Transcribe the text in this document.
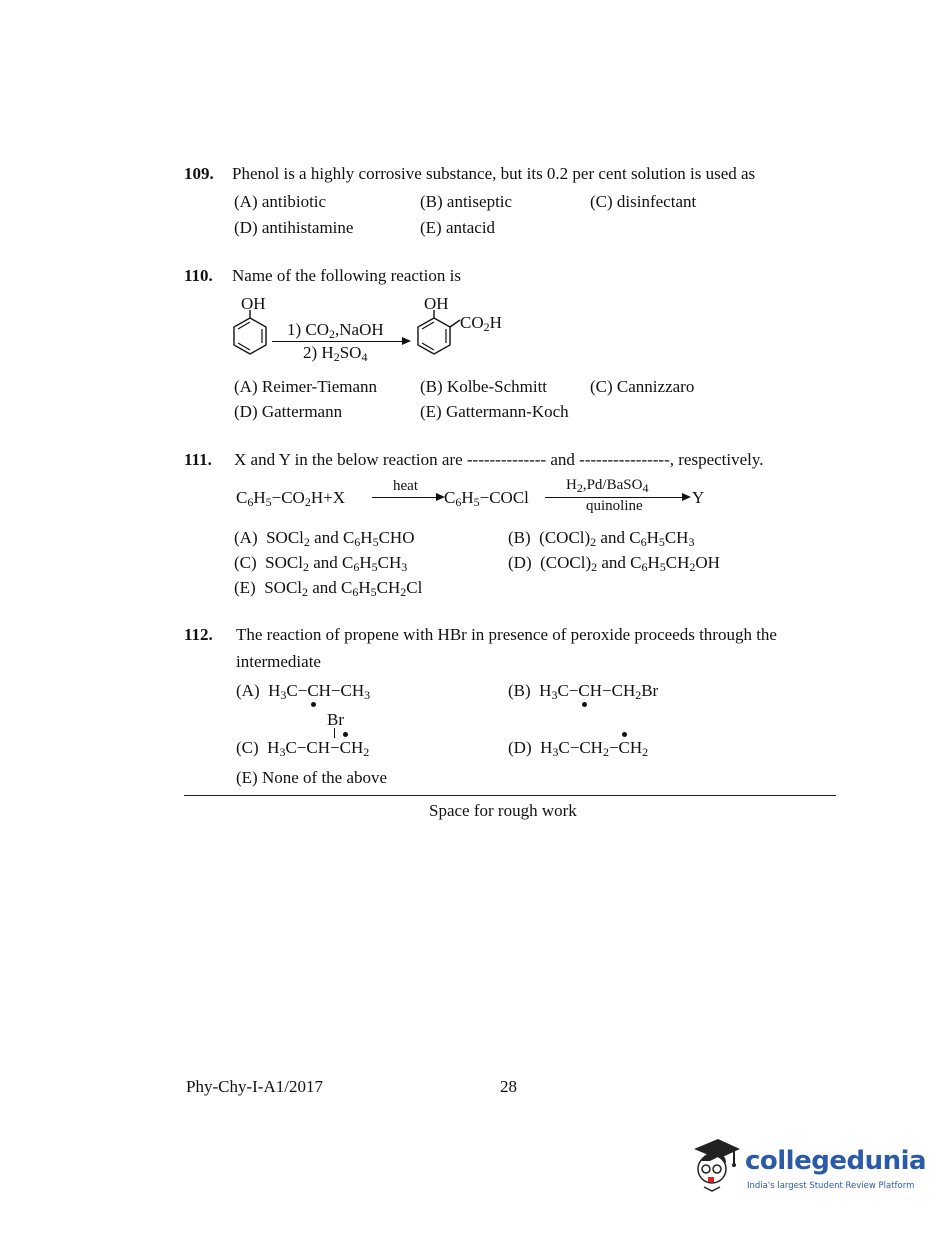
109. Phenol is a highly corrosive substance, but its 0.2 per cent solution is used as
(A) antibiotic	(B) antiseptic	(C) disinfectant
(D) antihistamine	(E) antacid
110. Name of the following reaction is
OH
1) $CO_2,NaOH$
2) $H_2SO_4$
OH
$CO_2H$
(A) Reimer-Tiemann	(B) Kolbe-Schmitt	(C) Cannizzaro
(D) Gattermann	(E) Gattermann-Koch
111. X and Y in the below reaction are -------------- and ----------------, respectively.
$C_6H_5-CO_2H+X$
heat
$C_6H_5-COCl$
$H_2,Pd/BaSO_4$
quinoline	Y
(A)  SOCl$_2$ and $C_6H_5CHO$	(B)  $(COCl)_2$ and $C_6H_5CH_3$
(C)  SOCl$_2$ and $C_6H_5CH_3$	(D)  $(COCl)_2$ and $C_6H_5CH_2OH$
(E)  SOCl$_2$ and $C_6H_5CH_2Cl$
112. The reaction of propene with HBr in presence of peroxide proceeds through the
intermediate
(A)  $H_3C-CH-CH_3$	(B)  $H_3C-CH-CH_2Br$
Br
(C)  $H_3C-CH-CH_2$	(D)  $H_3C-CH_2-CH_2$
(E) None of the above
Space for rough work
Phy-Chy-I-A1/2017	28
collegedunia
India's largest Student Review Platform
